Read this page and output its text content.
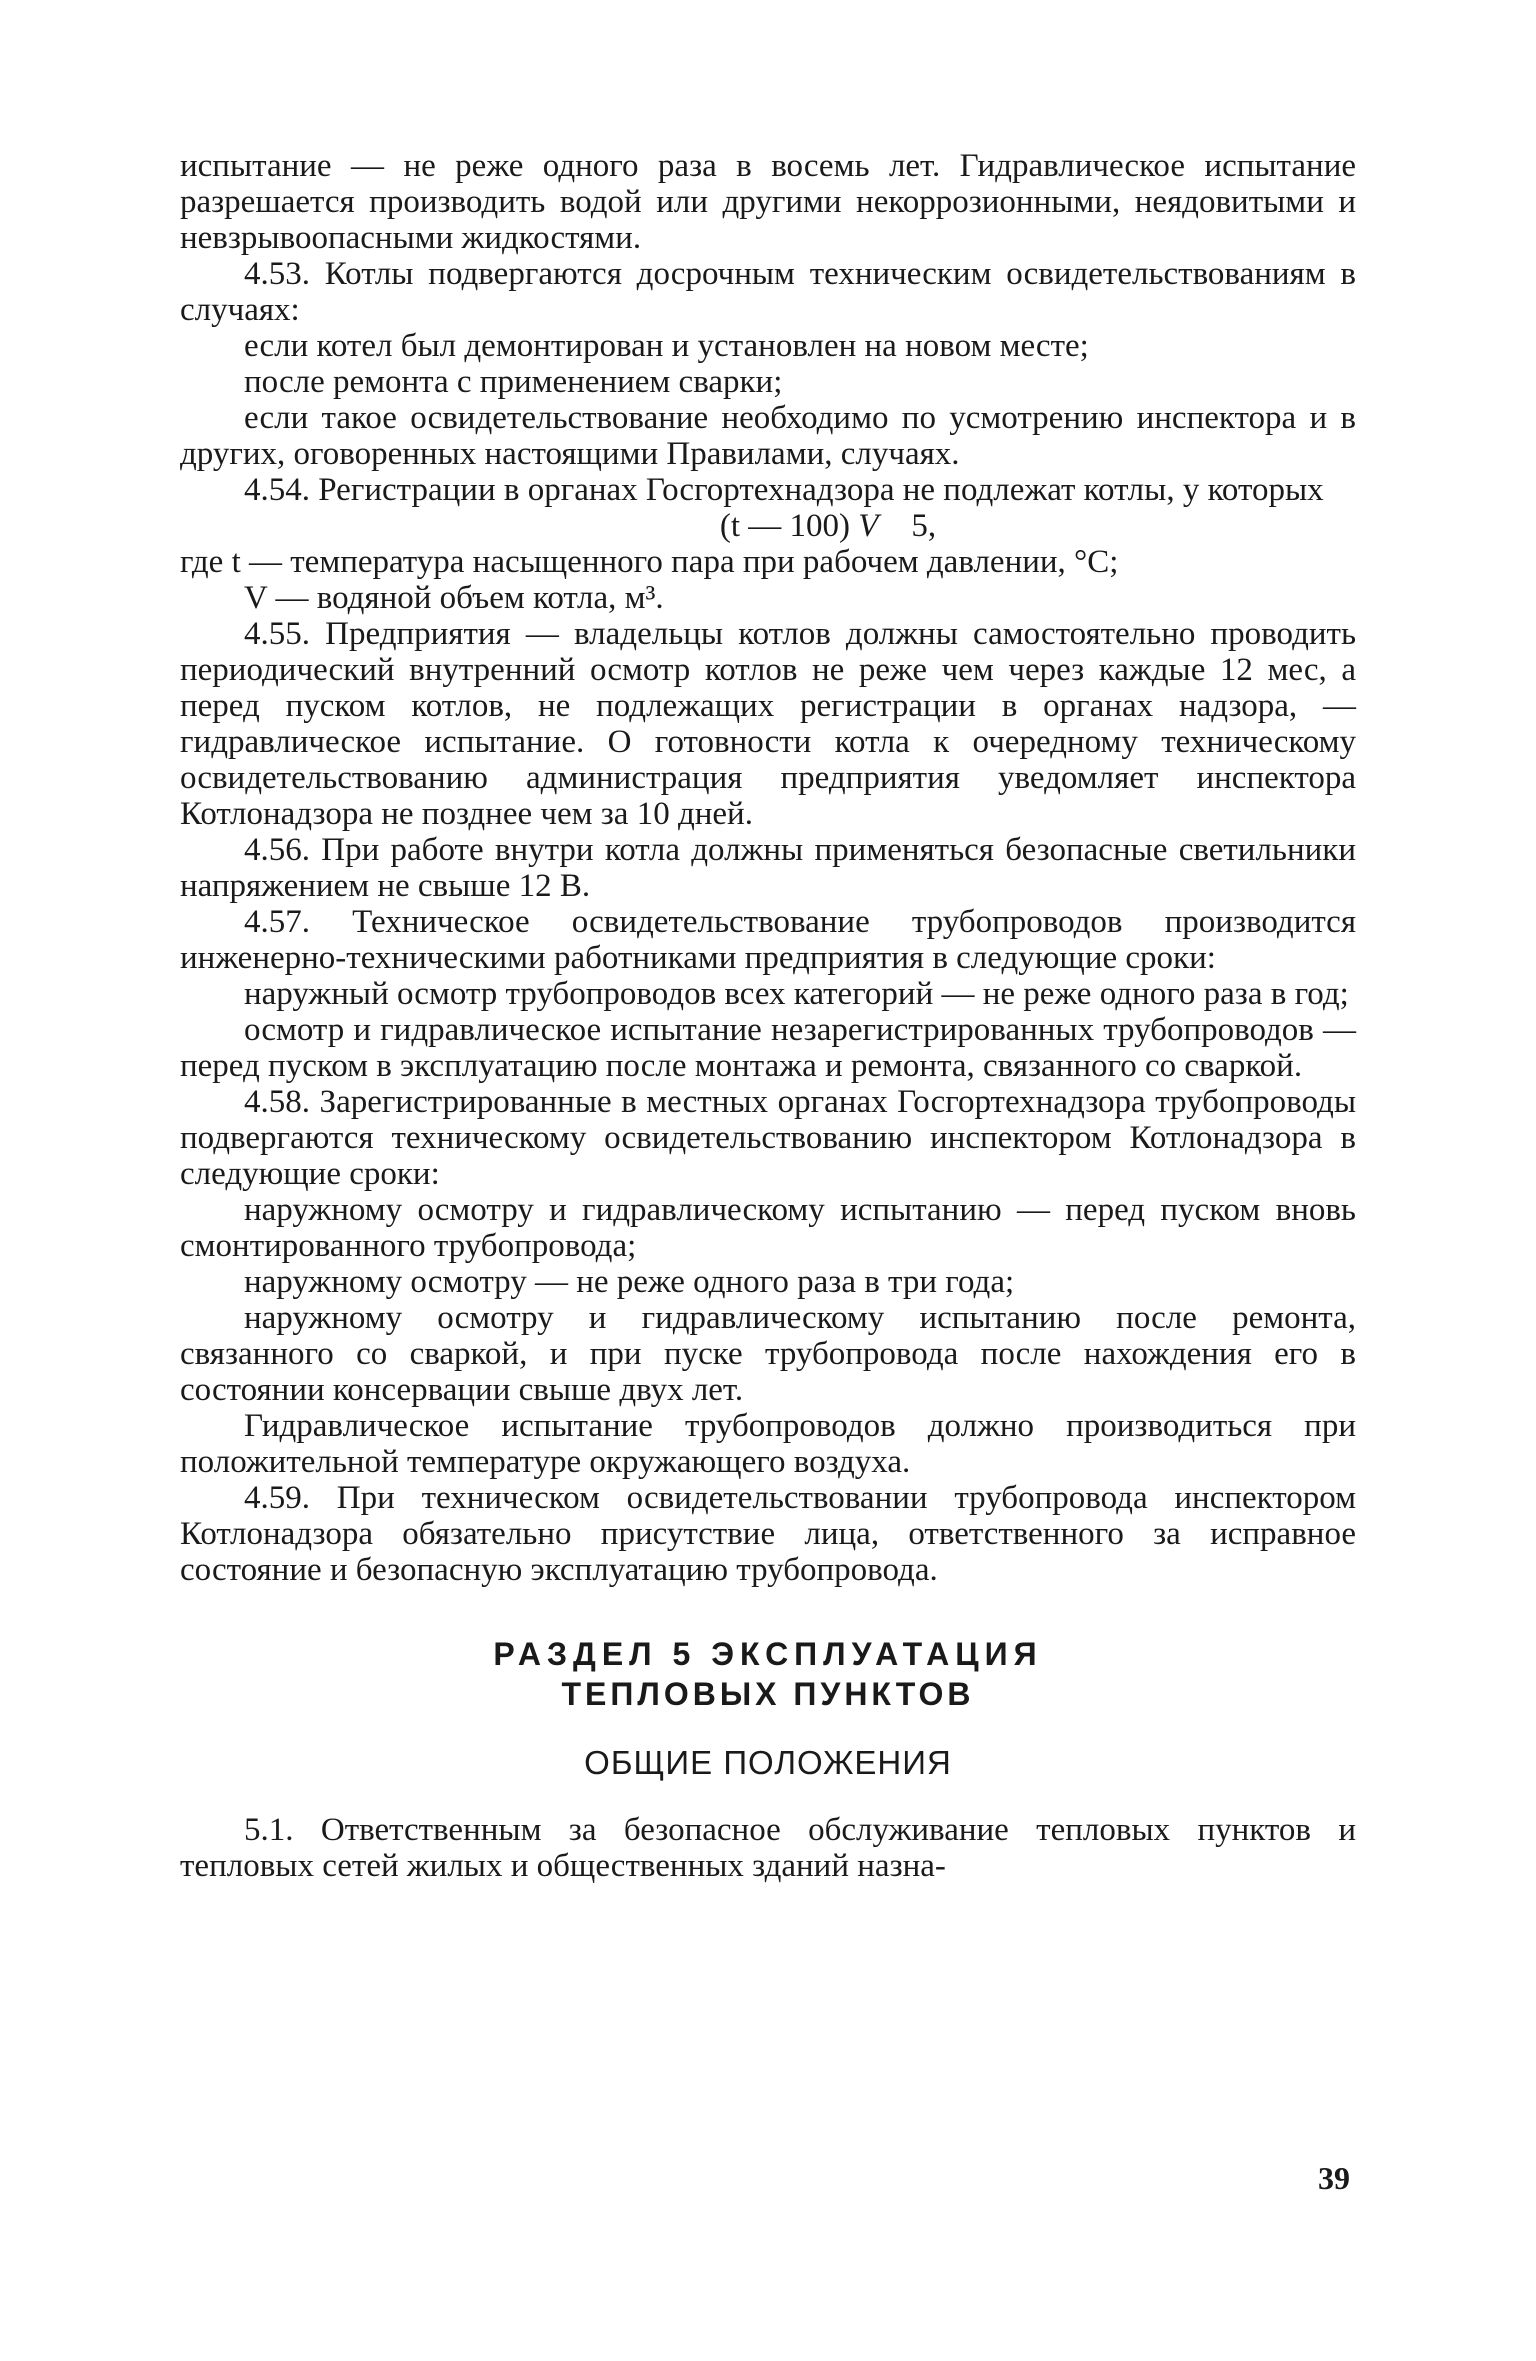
испытание — не реже одного раза в восемь лет. Гидравлическое испытание разрешается производить водой или другими некоррозионными, неядовитыми и невзрывоопасными жидкостями.

4.53. Котлы подвергаются досрочным техническим освидетельствованиям в случаях:

если котел был демонтирован и установлен на новом месте;

после ремонта с применением сварки;

если такое освидетельствование необходимо по усмотрению инспектора и в других, оговоренных настоящими Правилами, случаях.

4.54. Регистрации в органах Госгортехнадзора не подлежат котлы, у которых

(t — 100) V 5,

где t — температура насыщенного пара при рабочем давлении, °С;

V — водяной объем котла, м³.

4.55. Предприятия — владельцы котлов должны самостоятельно проводить периодический внутренний осмотр котлов не реже чем через каждые 12 мес, а перед пуском котлов, не подлежащих регистрации в органах надзора, — гидравлическое испытание. О готовности котла к очередному техническому освидетельствованию администрация предприятия уведомляет инспектора Котлонадзора не позднее чем за 10 дней.

4.56. При работе внутри котла должны применяться безопасные светильники напряжением не свыше 12 В.

4.57. Техническое освидетельствование трубопроводов производится инженерно-техническими работниками предприятия в следующие сроки:

наружный осмотр трубопроводов всех категорий — не реже одного раза в год;

осмотр и гидравлическое испытание незарегистрированных трубопроводов — перед пуском в эксплуатацию после монтажа и ремонта, связанного со сваркой.

4.58. Зарегистрированные в местных органах Госгортехнадзора трубопроводы подвергаются техническому освидетельствованию инспектором Котлонадзора в следующие сроки:

наружному осмотру и гидравлическому испытанию — перед пуском вновь смонтированного трубопровода;

наружному осмотру — не реже одного раза в три года;

наружному осмотру и гидравлическому испытанию после ремонта, связанного со сваркой, и при пуске трубопровода после нахождения его в состоянии консервации свыше двух лет.

Гидравлическое испытание трубопроводов должно производиться при положительной температуре окружающего воздуха.

4.59. При техническом освидетельствовании трубопровода инспектором Котлонадзора обязательно присутствие лица, ответственного за исправное состояние и безопасную эксплуатацию трубопровода.

РАЗДЕЛ 5 ЭКСПЛУАТАЦИЯ
ТЕПЛОВЫХ ПУНКТОВ
ОБЩИЕ ПОЛОЖЕНИЯ

5.1. Ответственным за безопасное обслуживание тепловых пунктов и тепловых сетей жилых и общественных зданий назна-

39
